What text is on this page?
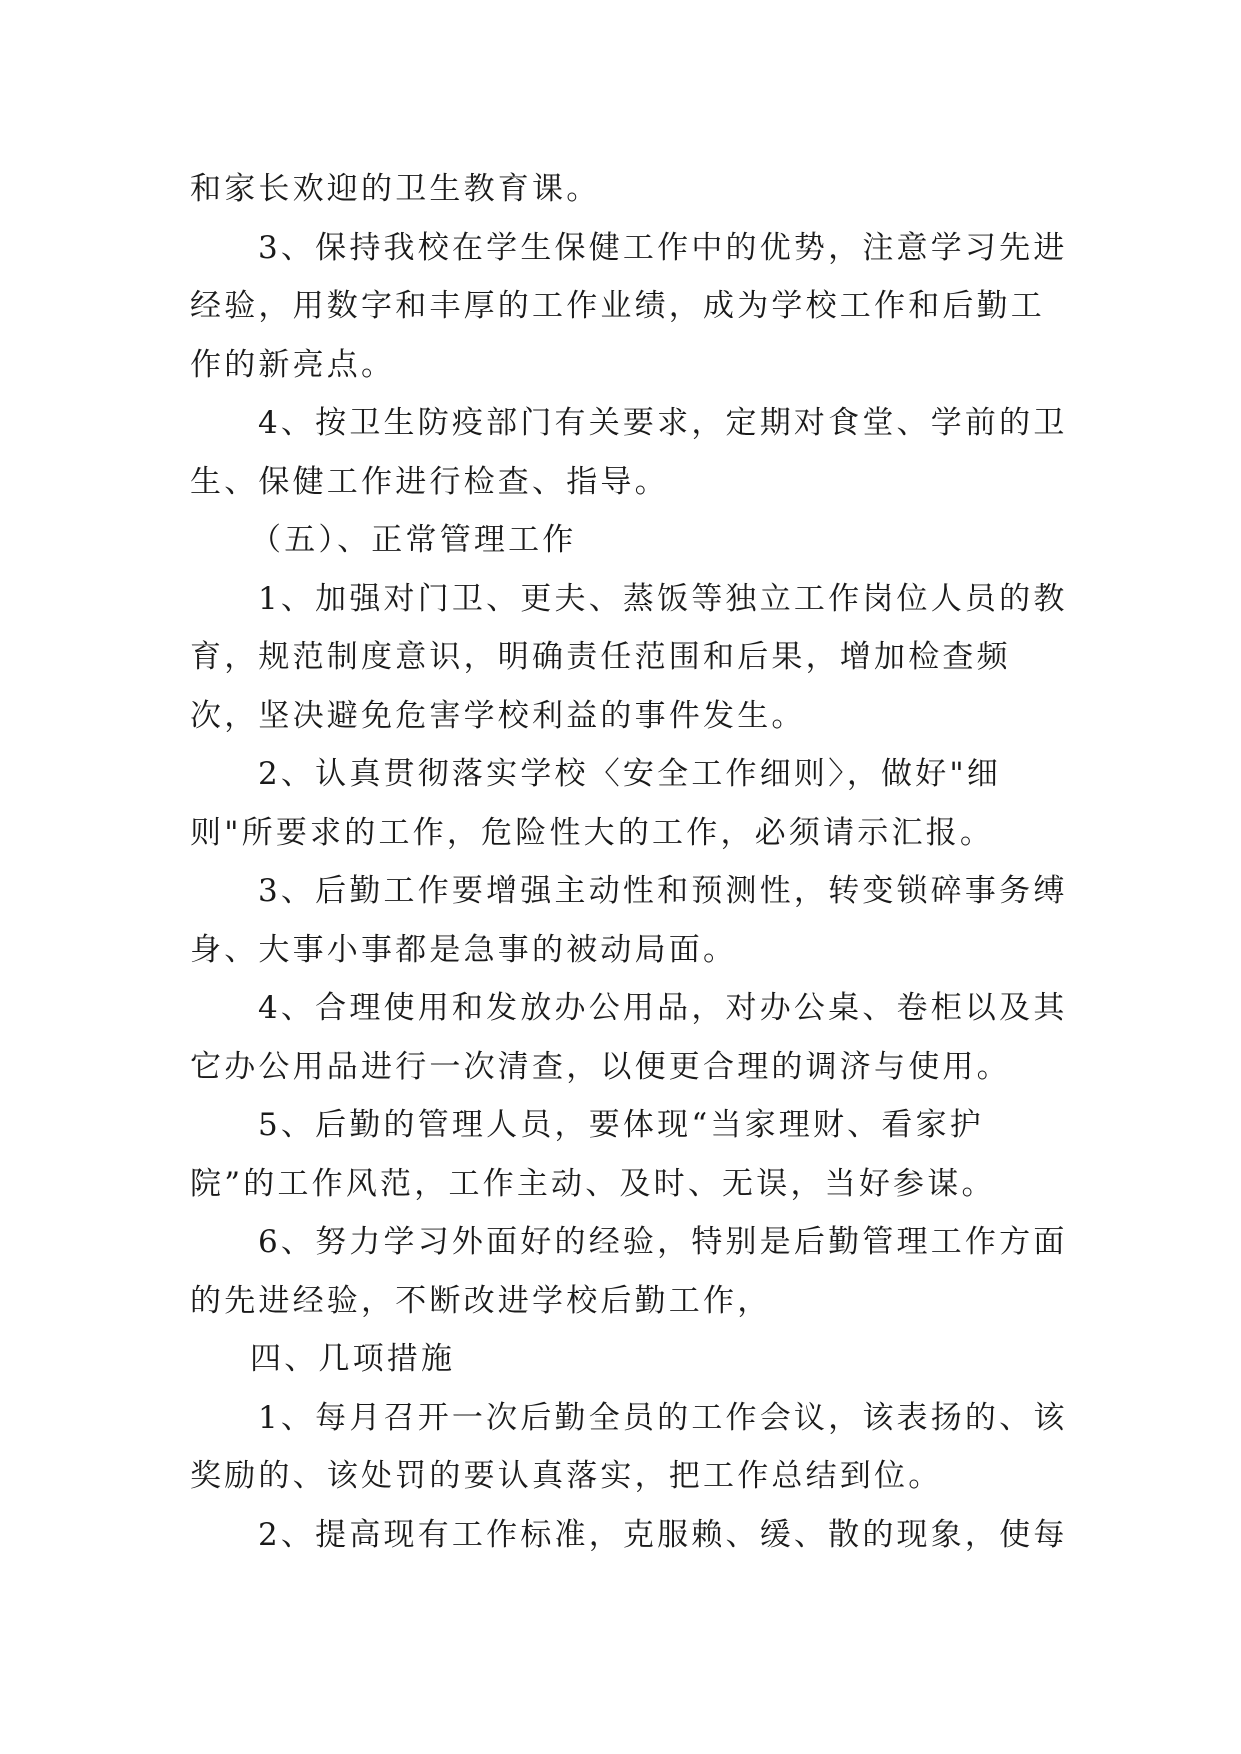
和家长欢迎的卫生教育课。

3、保持我校在学生保健工作中的优势，注意学习先进经验，用数字和丰厚的工作业绩，成为学校工作和后勤工作的新亮点。

4、按卫生防疫部门有关要求，定期对食堂、学前的卫生、保健工作进行检查、指导。

（五）、正常管理工作

1、加强对门卫、更夫、蒸饭等独立工作岗位人员的教育，规范制度意识，明确责任范围和后果，增加检查频次，坚决避免危害学校利益的事件发生。

2、认真贯彻落实学校〈安全工作细则〉，做好"细则"所要求的工作，危险性大的工作，必须请示汇报。

3、后勤工作要增强主动性和预测性，转变锁碎事务缚身、大事小事都是急事的被动局面。

4、合理使用和发放办公用品，对办公桌、卷柜以及其它办公用品进行一次清查，以便更合理的调济与使用。

5、后勤的管理人员，要体现“当家理财、看家护院”的工作风范，工作主动、及时、无误，当好参谋。

6、努力学习外面好的经验，特别是后勤管理工作方面的先进经验，不断改进学校后勤工作，

四、几项措施

1、每月召开一次后勤全员的工作会议，该表扬的、该奖励的、该处罚的要认真落实，把工作总结到位。

2、提高现有工作标准，克服赖、缓、散的现象，使每
